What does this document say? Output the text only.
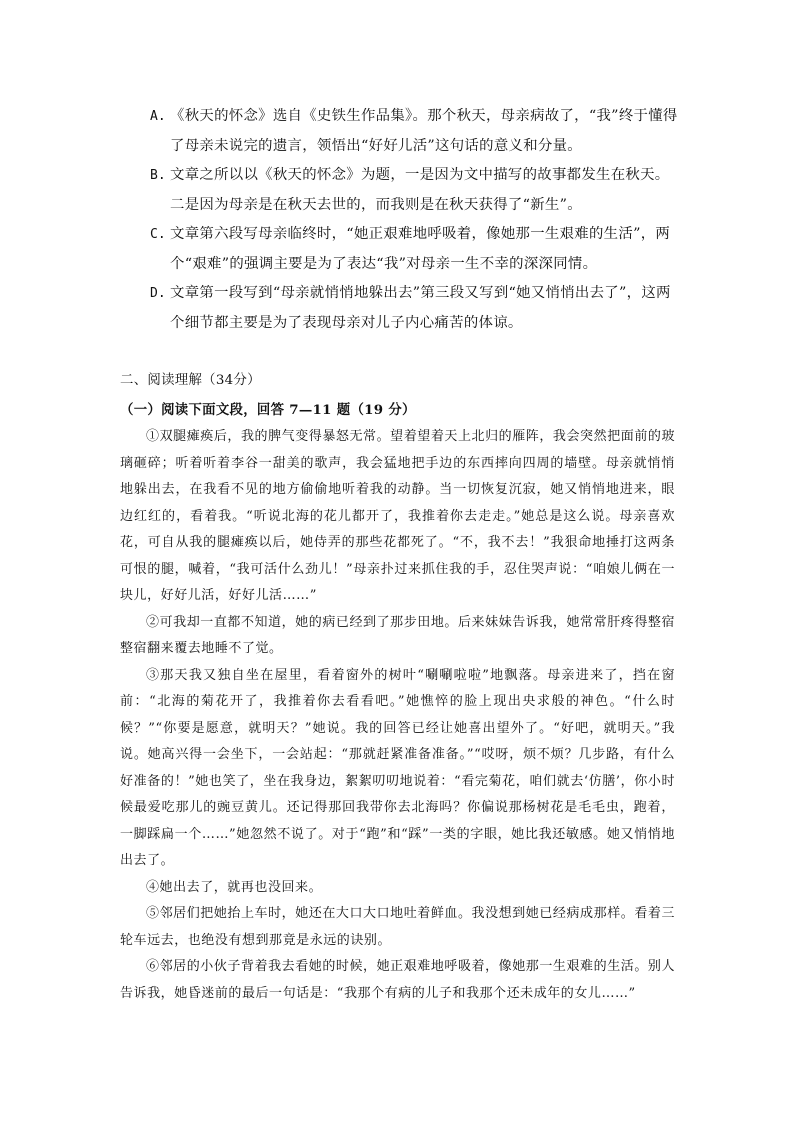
A. 《秋天的怀念》选自《史铁生作品集》。那个秋天，母亲病故了，“我”终于懂得了母亲未说完的遗言，领悟出“好好儿活”这句话的意义和分量。
B. 文章之所以以《秋天的怀念》为题，一是因为文中描写的故事都发生在秋天。二是因为母亲是在秋天去世的，而我则是在秋天获得了“新生”。
C. 文章第六段写母亲临终时，“她正艰难地呼吸着，像她那一生艰难的生活”，两个“艰难”的强调主要是为了表达“我”对母亲一生不幸的深深同情。
D. 文章第一段写到“母亲就悄悄地躲出去”第三段又写到“她又悄悄出去了”，这两个细节都主要是为了表现母亲对儿子内心痛苦的体谅。
二、阅读理解（34分）
（一）阅读下面文段，回答 7—11 题（19 分）

①双腿瘫痪后，我的脾气变得暴怒无常。望着望着天上北归的雁阵，我会突然把面前的玻璃砸碎；听着听着李谷一甜美的歌声，我会猛地把手边的东西摔向四周的墙壁。母亲就悄悄地躲出去，在我看不见的地方偷偷地听着我的动静。当一切恢复沉寂，她又悄悄地进来，眼边红红的，看着我。“听说北海的花儿都开了，我推着你去走走。”她总是这么说。母亲喜欢花，可自从我的腿瘫痪以后，她侍弄的那些花都死了。“不，我不去！”我狠命地捶打这两条可恨的腿，喊着，“我可活什么劲儿！”母亲扑过来抓住我的手，忍住哭声说：“咱娘儿俩在一块儿，好好儿活，好好儿活……”

②可我却一直都不知道，她的病已经到了那步田地。后来妹妹告诉我，她常常肝疼得整宿整宿翻来覆去地睡不了觉。

③那天我又独自坐在屋里，看着窗外的树叶“唰唰啦啦”地飘落。母亲进来了，挡在窗前：“北海的菊花开了，我推着你去看看吧。”她憔悴的脸上现出央求般的神色。“什么时候？”“你要是愿意，就明天？”她说。我的回答已经让她喜出望外了。“好吧，就明天。”我说。她高兴得一会坐下，一会站起：“那就赶紧准备准备。”“哎呀，烦不烦？几步路，有什么好准备的！”她也笑了，坐在我身边，絮絮叨叨地说着：“看完菊花，咱们就去‘仿膳’，你小时候最爱吃那儿的豌豆黄儿。还记得那回我带你去北海吗？你偏说那杨树花是毛毛虫，跑着，一脚踩扁一个……”她忽然不说了。对于“跑”和“踩”一类的字眼，她比我还敏感。她又悄悄地出去了。

④她出去了，就再也没回来。

⑤邻居们把她抬上车时，她还在大口大口地吐着鲜血。我没想到她已经病成那样。看着三轮车远去，也绝没有想到那竟是永远的诀别。

⑥邻居的小伙子背着我去看她的时候，她正艰难地呼吸着，像她那一生艰难的生活。别人告诉我，她昏迷前的最后一句话是：“我那个有病的儿子和我那个还未成年的女儿……”
